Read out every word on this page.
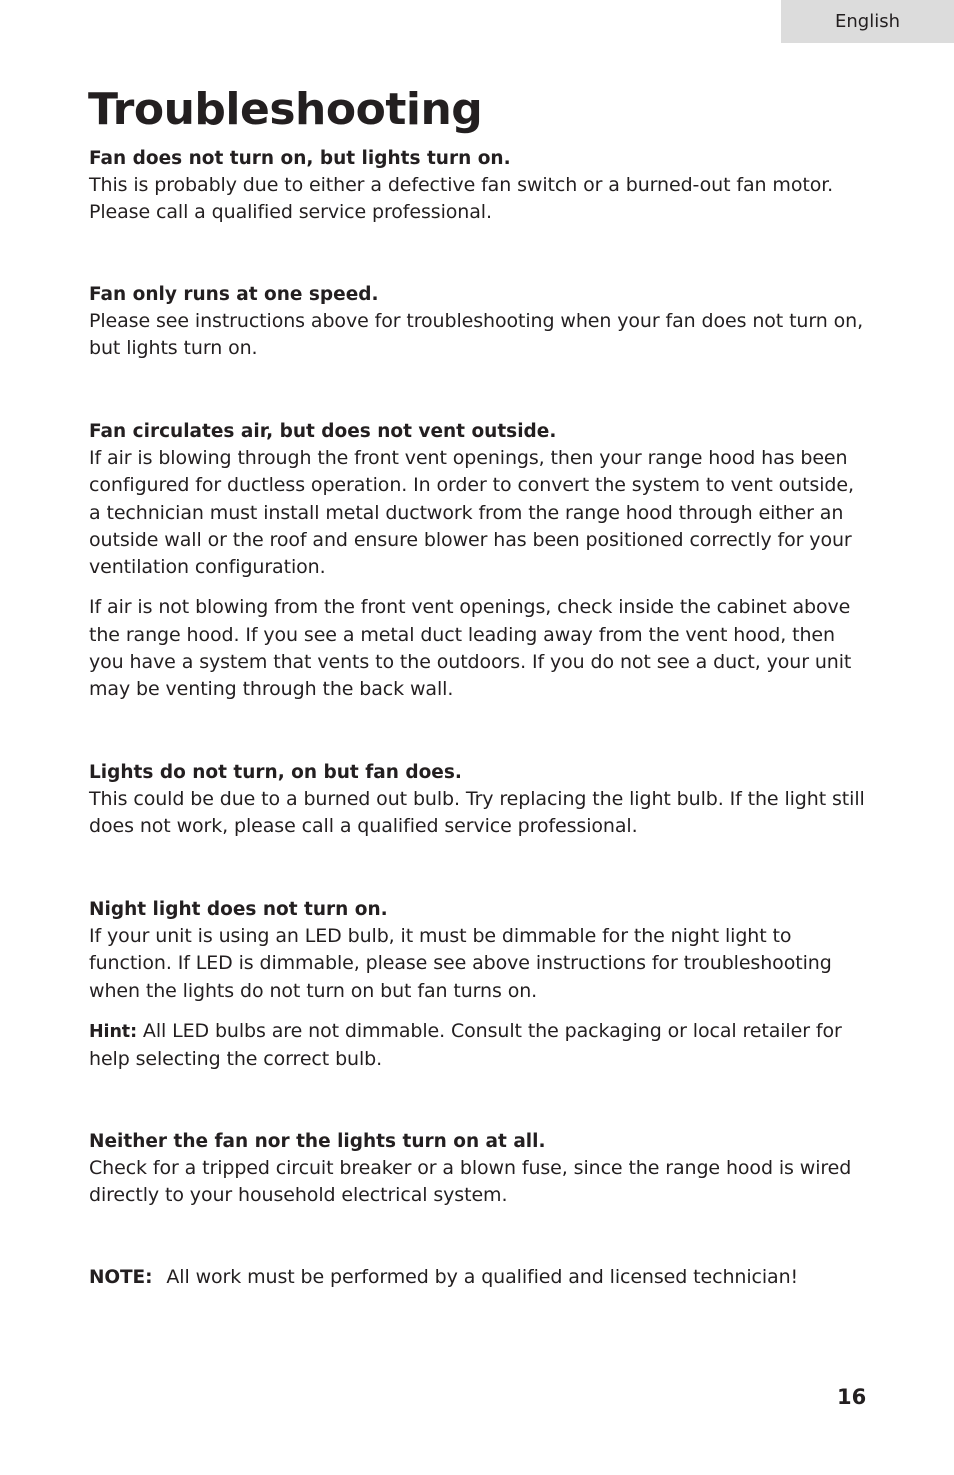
English
Troubleshooting

Fan does not turn on, but lights turn on.

This is probably due to either a defective fan switch or a burned-out fan motor. Please call a qualified service professional.

Fan only runs at one speed.

Please see instructions above for troubleshooting when your fan does not turn on, but lights turn on.

Fan circulates air, but does not vent outside.

If air is blowing through the front vent openings, then your range hood has been configured for ductless operation. In order to convert the system to vent outside, a technician must install metal ductwork from the range hood through either an outside wall or the roof and ensure blower has been positioned correctly for your ventilation configuration.

If air is not blowing from the front vent openings, check inside the cabinet above the range hood. If you see a metal duct leading away from the vent hood, then you have a system that vents to the outdoors. If you do not see a duct, your unit may be venting through the back wall.

Lights do not turn, on but fan does.

This could be due to a burned out bulb. Try replacing the light bulb. If the light still does not work, please call a qualified service professional.

Night light does not turn on.

If your unit is using an LED bulb, it must be dimmable for the night light to function. If LED is dimmable, please see above instructions for troubleshooting when the lights do not turn on but fan turns on.

Hint: All LED bulbs are not dimmable. Consult the packaging or local retailer for help selecting the correct bulb.

Neither the fan nor the lights turn on at all.

Check for a tripped circuit breaker or a blown fuse, since the range hood is wired directly to your household electrical system.

NOTE: All work must be performed by a qualified and licensed technician!

16
